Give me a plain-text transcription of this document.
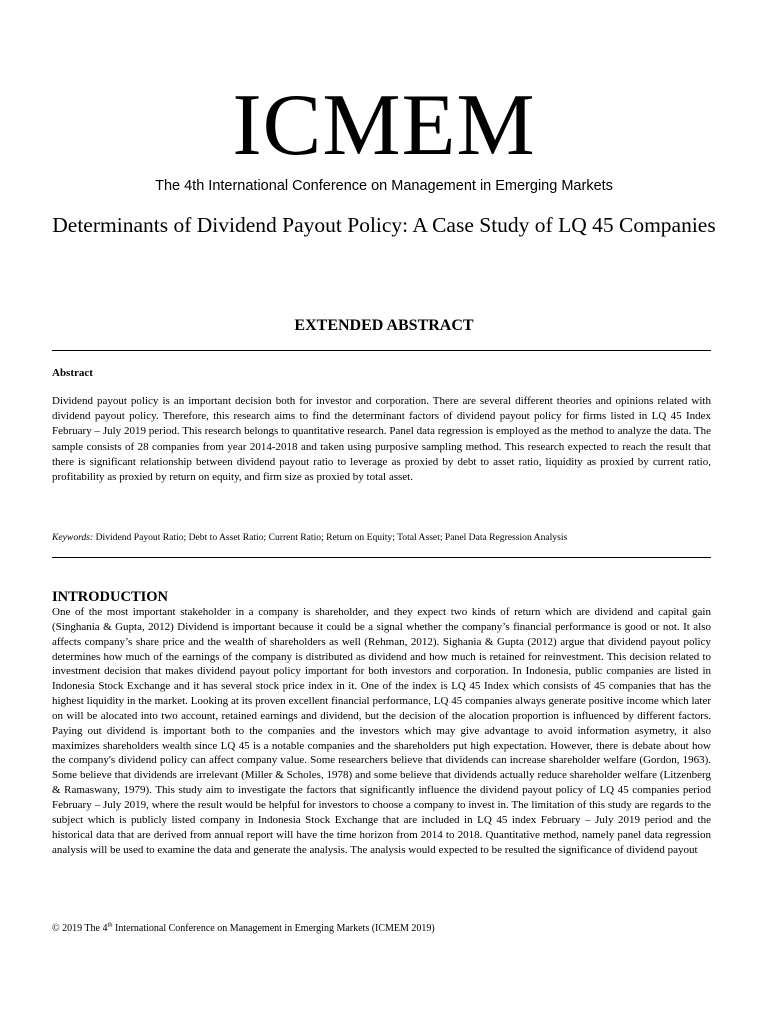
ICMEM
The 4th International Conference on Management in Emerging Markets
Determinants of Dividend Payout Policy: A Case Study of LQ 45 Companies
EXTENDED ABSTRACT
Abstract
Dividend payout policy is an important decision both for investor and corporation. There are several different theories and opinions related with dividend payout policy. Therefore, this research aims to find the determinant factors of dividend payout policy for firms listed in LQ 45 Index February – July 2019 period. This research belongs to quantitative research. Panel data regression is employed as the method to analyze the data. The sample consists of 28 companies from year 2014-2018 and taken using purposive sampling method. This research expected to reach the result that there is significant relationship between dividend payout ratio to leverage as proxied by debt to asset ratio, liquidity as proxied by current ratio, profitability as proxied by return on equity, and firm size as proxied by total asset.
Keywords: Dividend Payout Ratio; Debt to Asset Ratio; Current Ratio; Return on Equity; Total Asset; Panel Data Regression Analysis
INTRODUCTION
One of the most important stakeholder in a company is shareholder, and they expect two kinds of return which are dividend and capital gain (Singhania & Gupta, 2012) Dividend is important because it could be a signal whether the company’s financial performance is good or not. It also affects company’s share price and the wealth of shareholders as well (Rehman, 2012). Sighania & Gupta (2012) argue that dividend payout policy determines how much of the earnings of the company is distributed as dividend and how much is retained for reinvestment. This decision related to investment decision that makes dividend payout policy important for both investors and corporation. In Indonesia, public companies are listed in Indonesia Stock Exchange and it has several stock price index in it. One of the index is LQ 45 Index which consists of 45 companies that has the highest liquidity in the market. Looking at its proven excellent financial performance, LQ 45 companies always generate positive income which later on will be alocated into two account, retained earnings and dividend, but the decision of the alocation proportion is influenced by different factors. Paying out dividend is important both to the companies and the investors which may give advantage to avoid information asymetry, it also maximizes shareholders wealth since LQ 45 is a notable companies and the shareholders put high expectation. However, there is debate about how the company's dividend policy can affect company value. Some researchers believe that dividends can increase shareholder welfare (Gordon, 1963). Some believe that dividends are irrelevant (Miller & Scholes, 1978) and some believe that dividends actually reduce shareholder welfare (Litzenberg & Ramaswany, 1979). This study aim to investigate the factors that significantly influence the dividend payout policy of LQ 45 companies period February – July 2019, where the result would be helpful for investors to choose a company to invest in. The limitation of this study are regards to the subject which is publicly listed company in Indonesia Stock Exchange that are included in LQ 45 index February – July 2019 period and the historical data that are derived from annual report will have the time horizon from 2014 to 2018. Quantitative method, namely panel data regression analysis will be used to examine the data and generate the analysis. The analysis would expected to be resulted the significance of dividend payout
© 2019 The 4th International Conference on Management in Emerging Markets (ICMEM 2019)
